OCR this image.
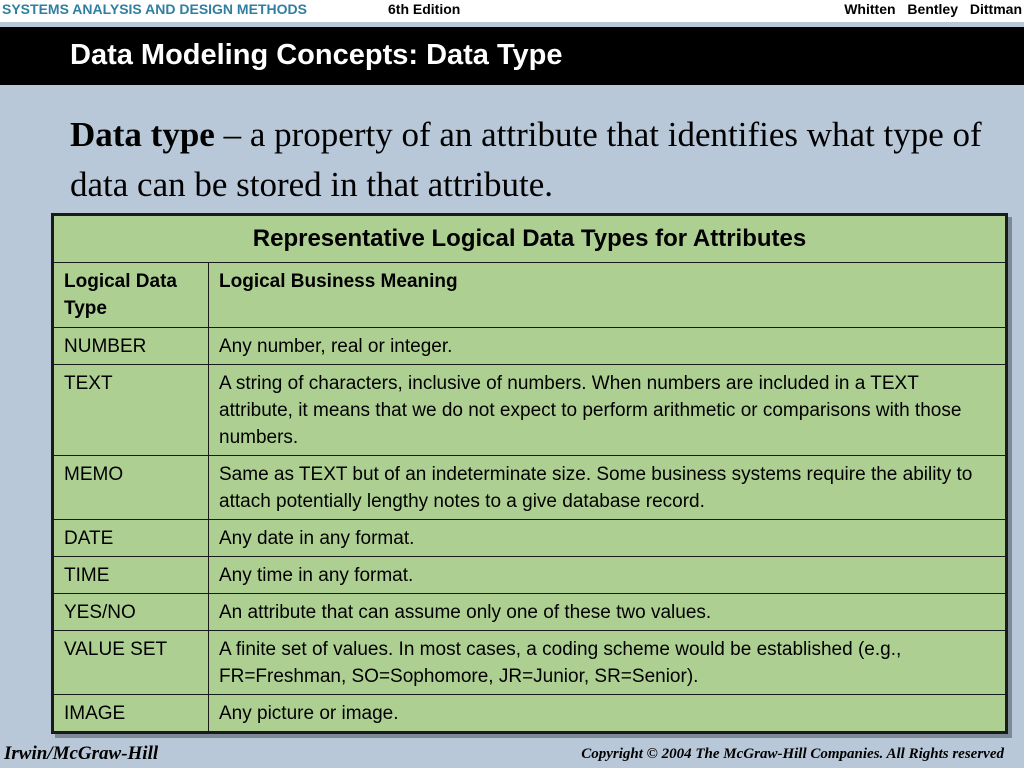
SYSTEMS ANALYSIS AND DESIGN METHODS	6th Edition	Whitten Bentley Dittman
Data Modeling Concepts: Data Type
Data type – a property of an attribute that identifies what type of data can be stored in that attribute.
Representative Logical Data Types for Attributes	
Logical Data Type	Logical Business Meaning
NUMBER	Any number, real or integer.
TEXT	A string of characters, inclusive of numbers. When numbers are included in a TEXT attribute, it means that we do not expect to perform arithmetic or comparisons with those numbers.
MEMO	Same as TEXT but of an indeterminate size. Some business systems require the ability to attach potentially lengthy notes to a give database record.
DATE	Any date in any format.
TIME	Any time in any format.
YES/NO	An attribute that can assume only one of these two values.
VALUE SET	A finite set of values. In most cases, a coding scheme would be established (e.g., FR=Freshman, SO=Sophomore, JR=Junior, SR=Senior).
IMAGE	Any picture or image.
Irwin/McGraw-Hill	Copyright © 2004 The McGraw-Hill Companies. All Rights reserved
